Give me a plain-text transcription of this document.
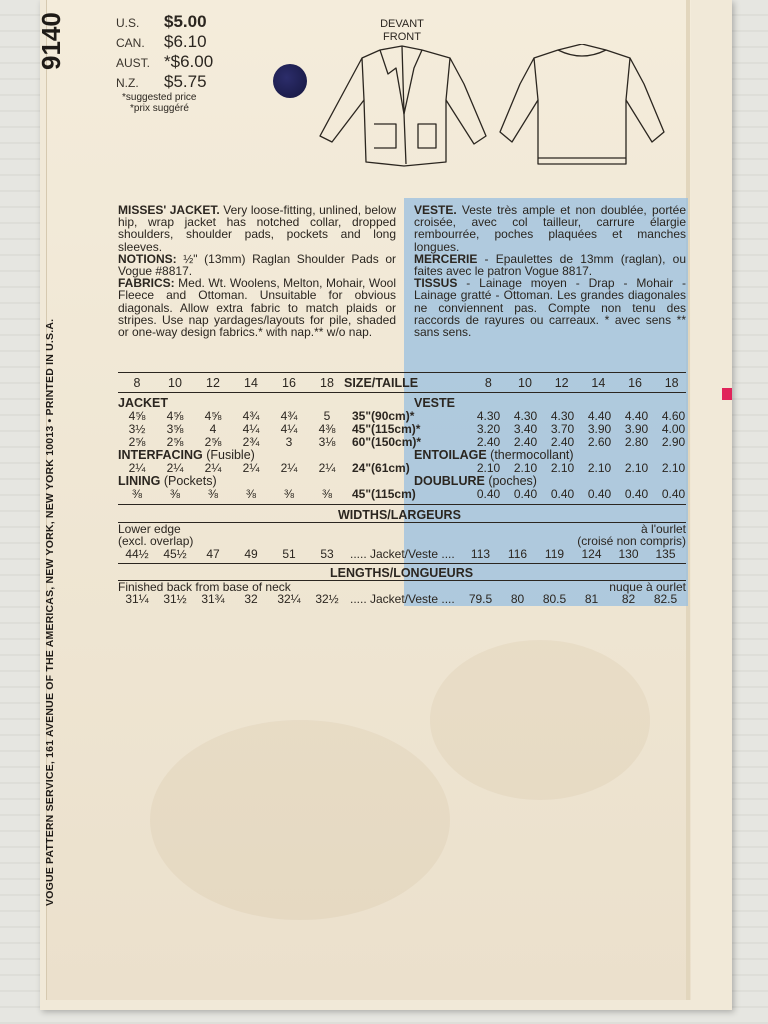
9140
VOGUE PATTERN SERVICE, 161 AVENUE OF THE AMERICAS, NEW YORK, NEW YORK 10013 • PRINTED IN U.S.A.
U.S.	$5.00
CAN.	$6.10
AUST. *$6.00
N.Z.	$5.75
*suggested price
*prix suggéré
DEVANT
FRONT
MISSES' JACKET. Very loose-fitting, unlined, below hip, wrap jacket has notched collar, dropped shoulders, shoulder pads, pockets and long sleeves.
NOTIONS: ½" (13mm) Raglan Shoulder Pads or Vogue #8817.
FABRICS: Med. Wt. Woolens, Melton, Mohair, Wool Fleece and Ottoman. Unsuitable for obvious diagonals. Allow extra fabric to match plaids or stripes. Use nap yardages/layouts for pile, shaded or one-way design fabrics.* with nap.** w/o nap.
VESTE. Veste très ample et non doublée, portée croisée, avec col tailleur, carrure élargie rembourrée, poches plaquées et manches longues.
MERCERIE - Epaulettes de 13mm (raglan), ou faites avec le patron Vogue 8817.
TISSUS - Lainage moyen - Drap - Mohair - Lainage gratté - Ottoman. Les grandes diagonales ne conviennent pas. Compte non tenu des raccords de rayures ou carreaux. * avec sens ** sans sens.
8	10	12	14	16	18 SIZE/TAILLE	8	10	12	14	16	18
JACKET	VESTE
4⅝	4⅝	4⅝	4¾	4¾	5	35"(90cm)*	4.30	4.30	4.30	4.40	4.40	4.60
3½	3⅝	4	4¼	4¼	4⅜	45"(115cm)*	3.20	3.40	3.70	3.90	3.90	4.00
2⅝	2⅝	2⅝	2¾	3	3⅛	60"(150cm)*	2.40	2.40	2.40	2.60	2.80	2.90
INTERFACING (Fusible)	ENTOILAGE (thermocollant)
2¼	2¼	2¼	2¼	2¼	2¼	24"(61cm)	2.10	2.10	2.10	2.10	2.10	2.10
LINING (Pockets)	DOUBLURE (poches)
⅜	⅜	⅜	⅜	⅜	⅜	45"(115cm)	0.40	0.40	0.40	0.40	0.40	0.40
WIDTHS/LARGEURS
Lower edge
(excl. overlap)
à l'ourlet
(croisé non compris)
44½	45½	47	49	51	53	..... Jacket/Veste ....	113	116	119	124	130	135
LENGTHS/LONGUEURS
Finished back from base of neck	nuque à ourlet
31¼	31½	31¾	32	32¼	32½ ..... Jacket/Veste ....	79.5	80	80.5	81	82	82.5
